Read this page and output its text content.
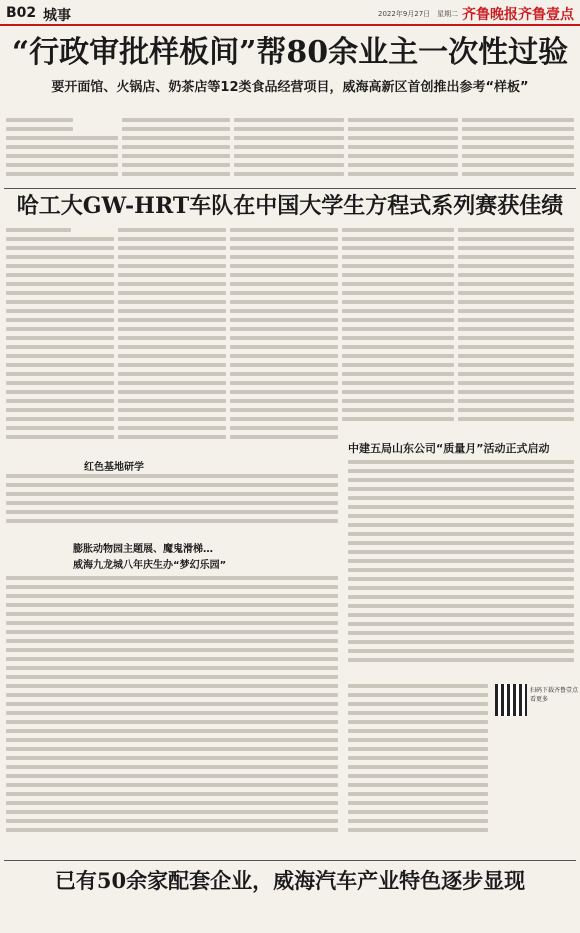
B02 城事	2022年9月27日　星期二 齐鲁晚报 齐鲁壹点
“行政审批样板间”帮80余业主一次性过验
要开面馆、火锅店、奶茶店等12类食品经营项目，威海高新区首创推出参考“样板”
哈工大GW-HRT车队在中国大学生方程式系列赛获佳绩
红色基地研学
膨胀动物园主题展、魔鬼滑梯…
威海九龙城八年庆生办“梦幻乐园”
中建五局山东公司“质量月”活动正式启动
扫码下载齐鲁壹点
看更多
已有50余家配套企业，威海汽车产业特色逐步显现
